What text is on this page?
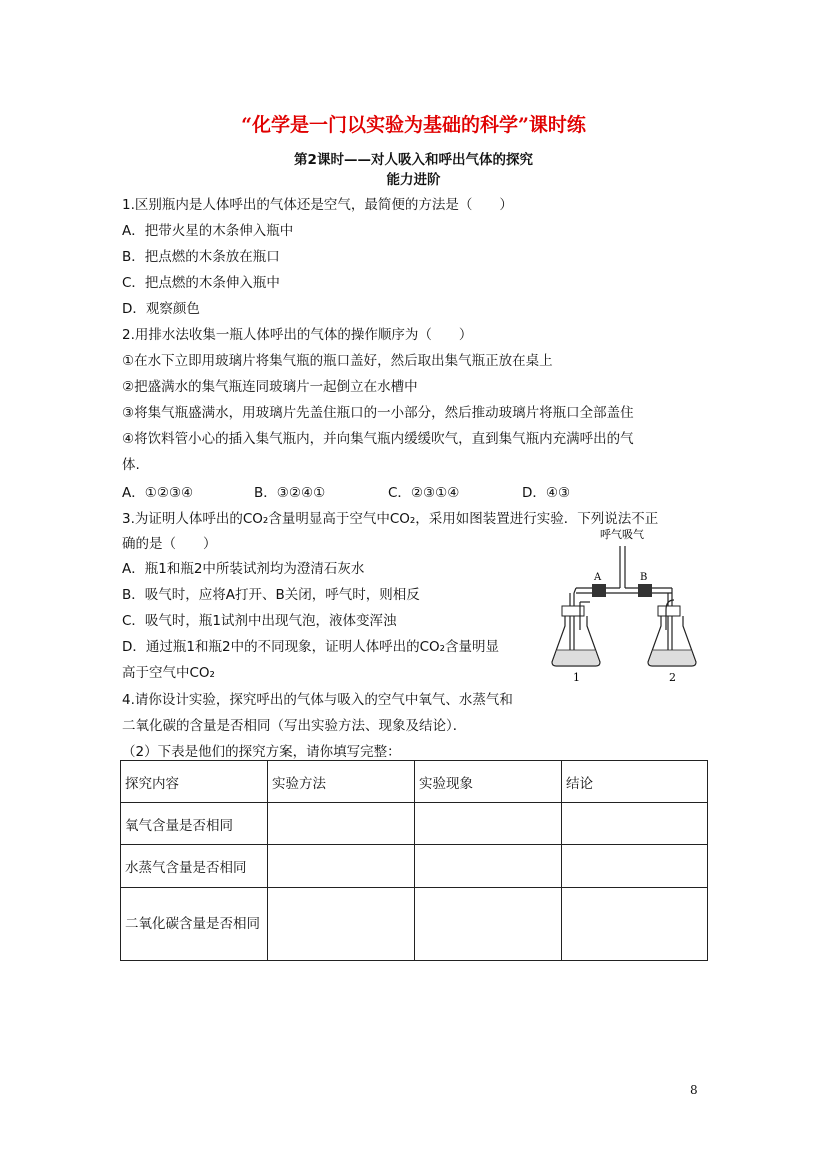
“化学是一门以实验为基础的科学”课时练
第2课时——对人吸入和呼出气体的探究
能力进阶
1.区别瓶内是人体呼出的气体还是空气，最简便的方法是（　　）
A．把带火星的木条伸入瓶中
B．把点燃的木条放在瓶口
C．把点燃的木条伸入瓶中
D．观察颜色
2.用排水法收集一瓶人体呼出的气体的操作顺序为（　　）
①在水下立即用玻璃片将集气瓶的瓶口盖好，然后取出集气瓶正放在桌上
②把盛满水的集气瓶连同玻璃片一起倒立在水槽中
③将集气瓶盛满水，用玻璃片先盖住瓶口的一小部分，然后推动玻璃片将瓶口全部盖住
④将饮料管小心的插入集气瓶内，并向集气瓶内缓缓吹气，直到集气瓶内充满呼出的气
体.
A．①②③④	B．③②④①	C．②③①④	D．④③
3.为证明人体呼出的CO₂含量明显高于空气中CO₂，采用如图装置进行实验．下列说法不正
确的是（　　）
A．瓶1和瓶2中所装试剂均为澄清石灰水
B．吸气时，应将A打开、B关闭，呼气时，则相反
C．吸气时，瓶1试剂中出现气泡，液体变浑浊
D．通过瓶1和瓶2中的不同现象，证明人体呼出的CO₂含量明显
高于空气中CO₂
呼气吸气
A	B
1	2
4.请你设计实验，探究呼出的气体与吸入的空气中氧气、水蒸气和
二氧化碳的含量是否相同（写出实验方法、现象及结论）．
（2）下表是他们的探究方案，请你填写完整：
探究内容	实验方法	实验现象	结论
氧气含量是否相同			
水蒸气含量是否相同			
二氧化碳含量是否相同			
8
